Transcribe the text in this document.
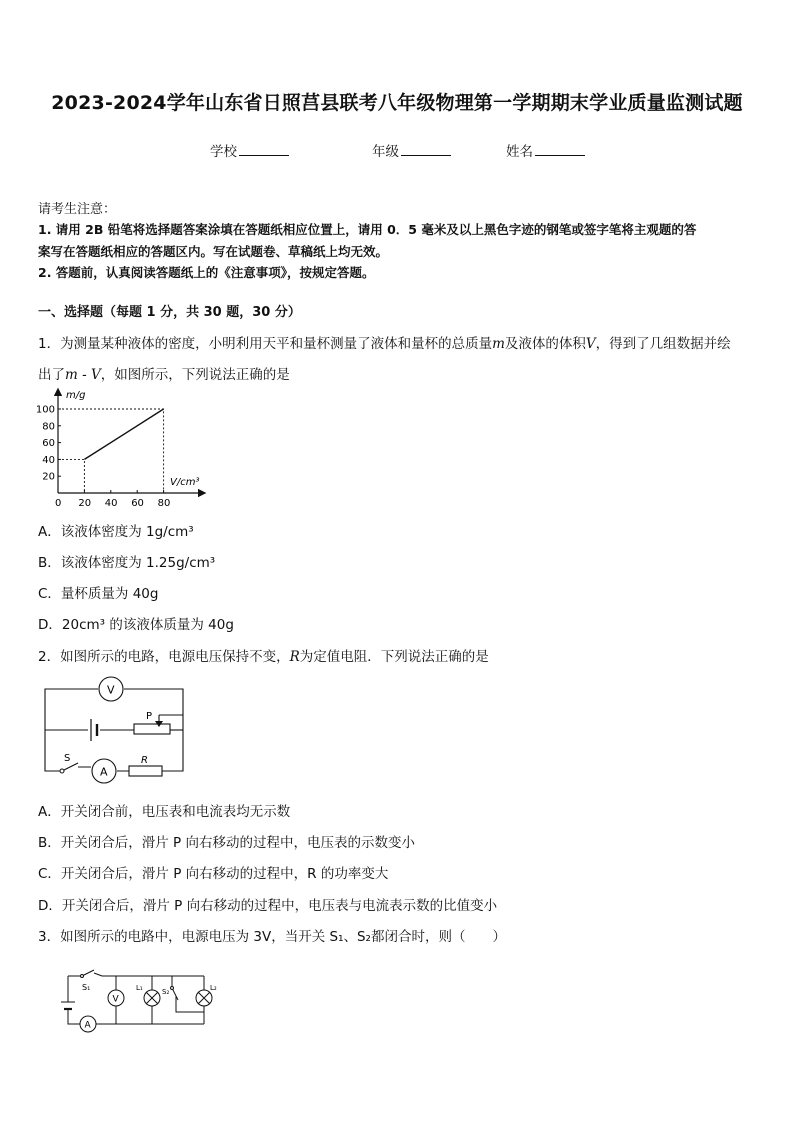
2023-2024学年山东省日照莒县联考八年级物理第一学期期末学业质量监测试题
学校	年级	姓名
请考生注意：
1. 请用 2B 铅笔将选择题答案涂填在答题纸相应位置上，请用 0．5 毫米及以上黑色字迹的钢笔或签字笔将主观题的答
案写在答题纸相应的答题区内。写在试题卷、草稿纸上均无效。
2. 答题前，认真阅读答题纸上的《注意事项》，按规定答题。
一、选择题（每题 1 分，共 30 题，30 分）
1．为测量某种液体的密度，小明利用天平和量杯测量了液体和量杯的总质量m及液体的体积V，得到了几组数据并绘
出了m - V，如图所示，下列说法正确的是
0 20 40 60 80
20
40
60
80
100
m/g
V/cm³
A．该液体密度为 1g/cm³
B．该液体密度为 1.25g/cm³
C．量杯质量为 40g
D．20cm³ 的该液体质量为 40g
2．如图所示的电路，电源电压保持不变，R为定值电阻．下列说法正确的是
V
A
P
S	R
A．开关闭合前，电压表和电流表均无示数
B．开关闭合后，滑片 P 向右移动的过程中，电压表的示数变小
C．开关闭合后，滑片 P 向右移动的过程中，R 的功率变大
D．开关闭合后，滑片 P 向右移动的过程中，电压表与电流表示数的比值变小
3．如图所示的电路中，电源电压为 3V，当开关 S₁、S₂都闭合时，则（　　）
S₁
V
A
L₁	S₂	L₂
